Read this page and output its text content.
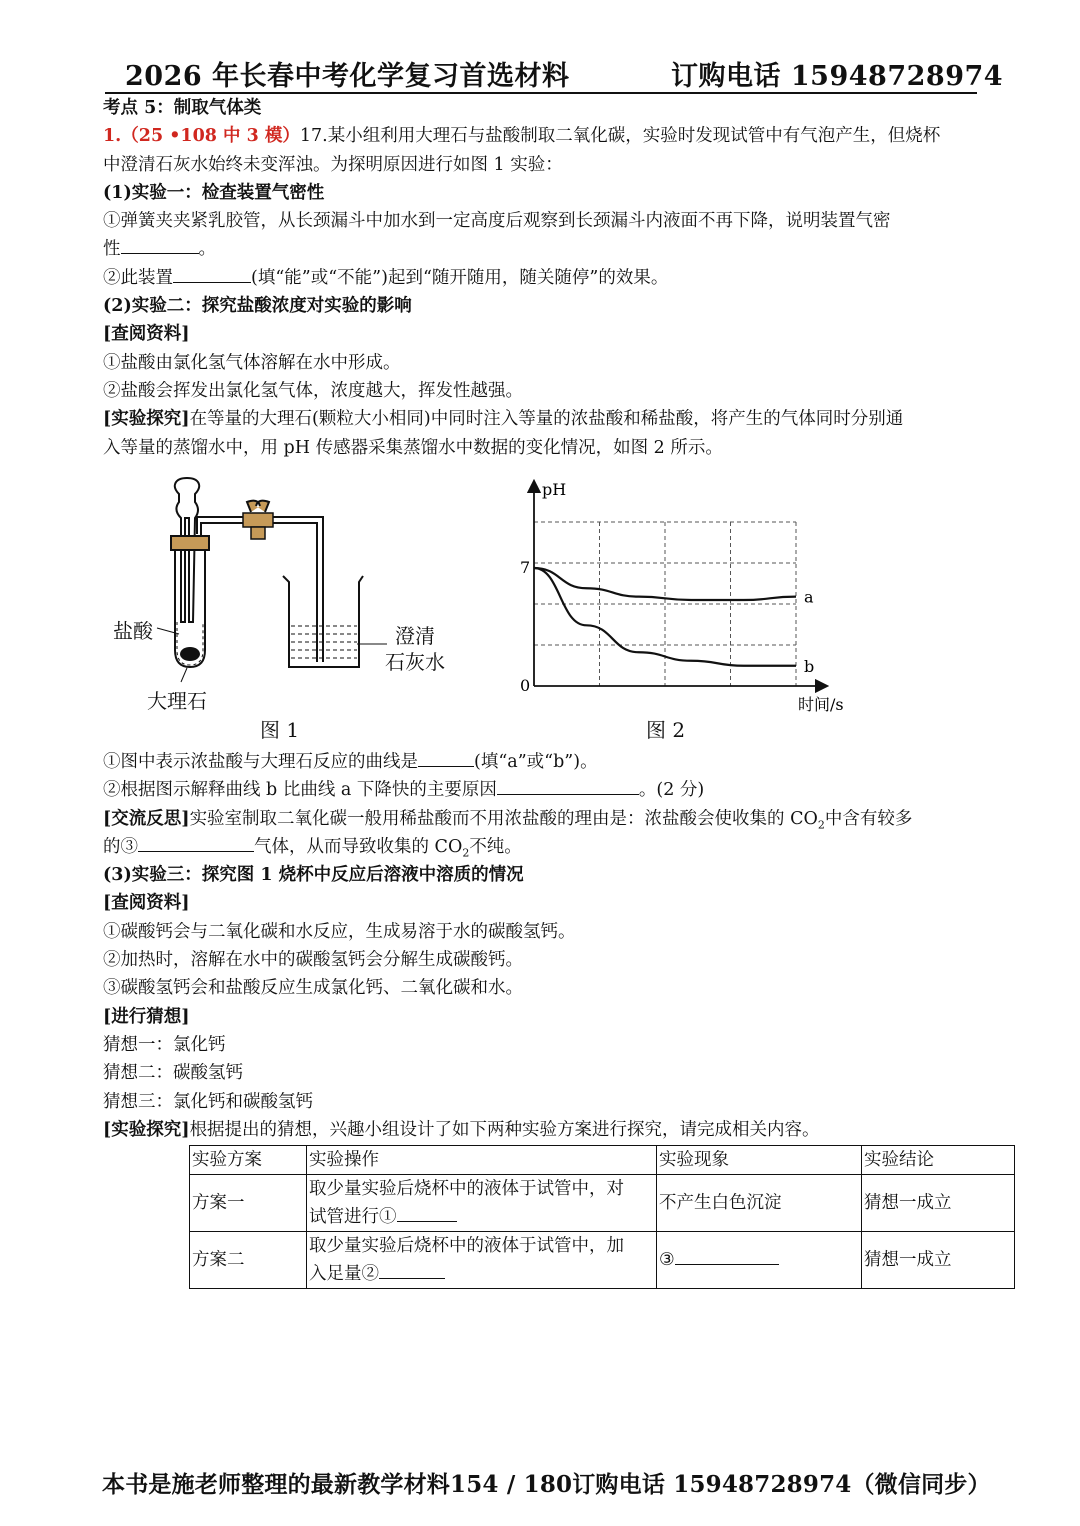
2026 年长春中考化学复习首选材料	订购电话 15948728974
考点 5：制取气体类
1.（25 •108 中 3 模）17.某小组利用大理石与盐酸制取二氧化碳，实验时发现试管中有气泡产生，但烧杯
中澄清石灰水始终未变浑浊。为探明原因进行如图 1 实验：
(1)实验一：检查装置气密性
①弹簧夹夹紧乳胶管，从长颈漏斗中加水到一定高度后观察到长颈漏斗内液面不再下降，说明装置气密
性	。
②此装置	(填“能”或“不能”)起到“随开随用，随关随停”的效果。
(2)实验二：探究盐酸浓度对实验的影响
[查阅资料]
①盐酸由氯化氢气体溶解在水中形成。
②盐酸会挥发出氯化氢气体，浓度越大，挥发性越强。
[实验探究]在等量的大理石(颗粒大小相同)中同时注入等量的浓盐酸和稀盐酸，将产生的气体同时分别通
入等量的蒸馏水中，用 pH 传感器采集蒸馏水中数据的变化情况，如图 2 所示。
盐酸
大理石
澄清
石灰水
图 1
a
b
pH
时间/s
7
0
图 2
①图中表示浓盐酸与大理石反应的曲线是	(填“a”或“b”)。
②根据图示解释曲线 b 比曲线 a 下降快的主要原因	。(2 分)
[交流反思]实验室制取二氧化碳一般用稀盐酸而不用浓盐酸的理由是：浓盐酸会使收集的 $CO_2$中含有较多
的③	气体，从而导致收集的 $CO_2$不纯。
(3)实验三：探究图 1 烧杯中反应后溶液中溶质的情况
[查阅资料]
①碳酸钙会与二氧化碳和水反应，生成易溶于水的碳酸氢钙。
②加热时，溶解在水中的碳酸氢钙会分解生成碳酸钙。
③碳酸氢钙会和盐酸反应生成氯化钙、二氧化碳和水。
[进行猜想]
猜想一：氯化钙
猜想二：碳酸氢钙
猜想三：氯化钙和碳酸氢钙
[实验探究]根据提出的猜想，兴趣小组设计了如下两种实验方案进行探究，请完成相关内容。
实验方案	实验操作	实验现象	实验结论
方案一	取少量实验后烧杯中的液体于试管中，对
试管进行①	不产生白色沉淀	猜想一成立
方案二	取少量实验后烧杯中的液体于试管中，加
入足量②	③	猜想一成立
本书是施老师整理的最新教学材料154 / 180订购电话 15948728974（微信同步）
